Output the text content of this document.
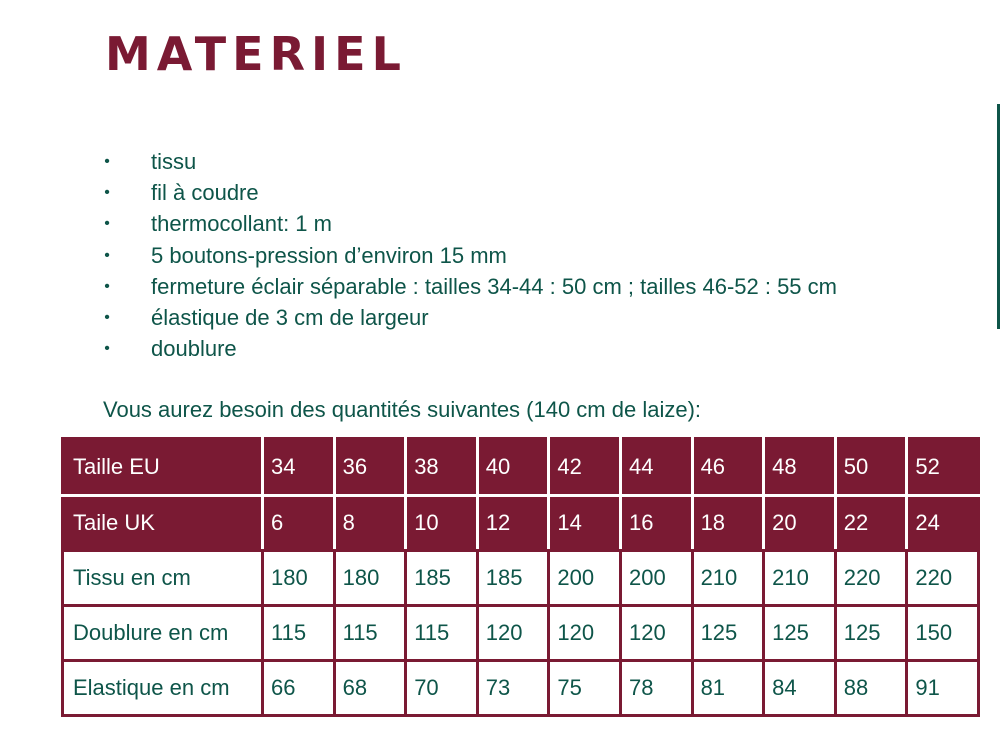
MATERIEL
• tissu
• fil à coudre
• thermocollant: 1 m
• 5 boutons-pression d’environ 15 mm
• fermeture éclair séparable : tailles 34-44 : 50 cm ; tailles 46-52 : 55 cm
• élastique de 3 cm de largeur
• doublure

Vous aurez besoin des quantités suivantes (140 cm de laize):

Taille EU	34	36	38	40	42	44	46	48	50	52
Taile UK	6	8	10	12	14	16	18	20	22	24
Tissu en cm	180	180	185	185	200	200	210	210	220	220
Doublure en cm	115	115	115	120	120	120	125	125	125	150
Elastique en cm	66	68	70	73	75	78	81	84	88	91
